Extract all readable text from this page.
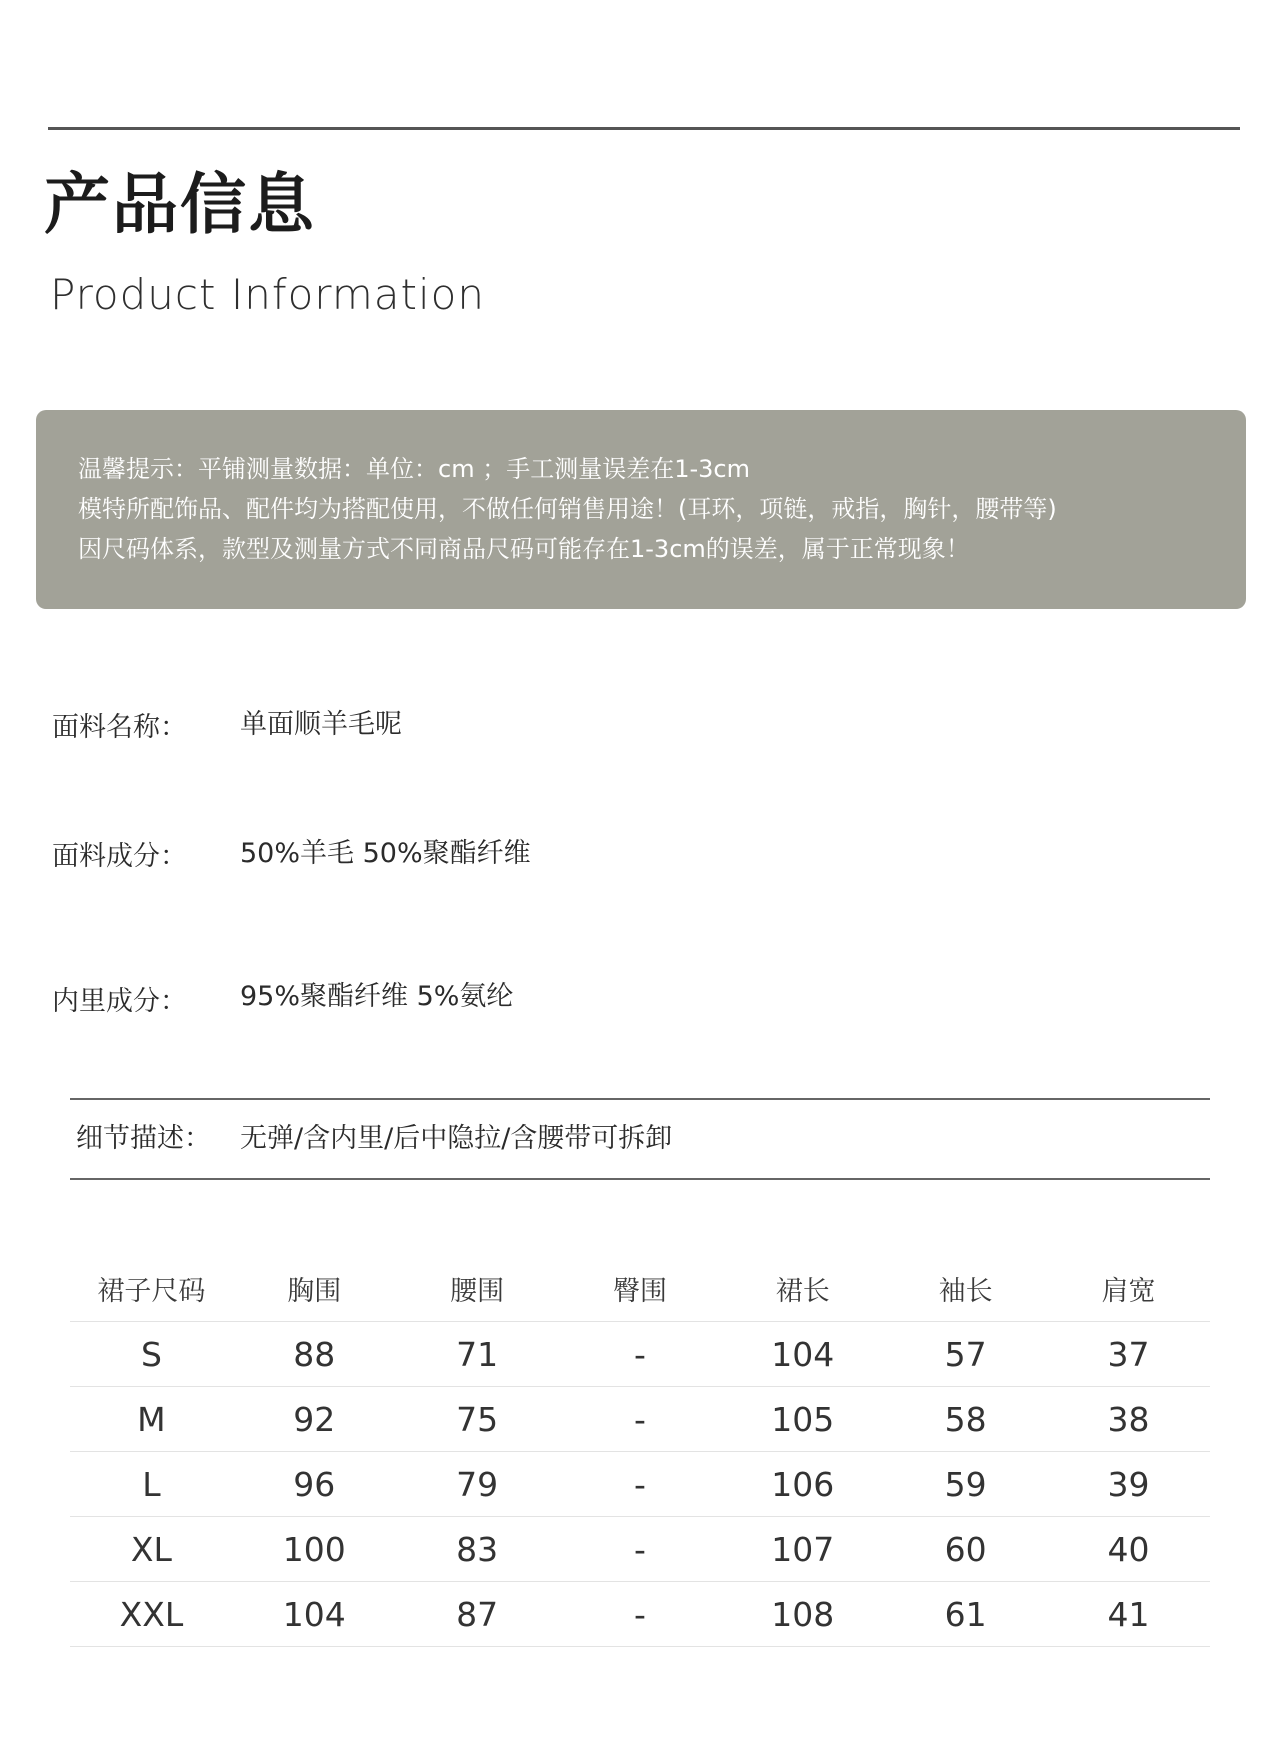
产品信息
Product Information
温馨提示：平铺测量数据：单位：cm ；手工测量误差在1-3cm
模特所配饰品、配件均为搭配使用，不做任何销售用途！(耳环，项链，戒指，胸针，腰带等)
因尺码体系，款型及测量方式不同商品尺码可能存在1-3cm的误差，属于正常现象！
面料名称： 单面顺羊毛呢
面料成分： 50%羊毛 50%聚酯纤维
内里成分： 95%聚酯纤维 5%氨纶
细节描述： 无弹/含内里/后中隐拉/含腰带可拆卸
裙子尺码	胸围	腰围	臀围	裙长	袖长	肩宽
S	88	71	-	104	57	37
M	92	75	-	105	58	38
L	96	79	-	106	59	39
XL	100	83	-	107	60	40
XXL	104	87	-	108	61	41
